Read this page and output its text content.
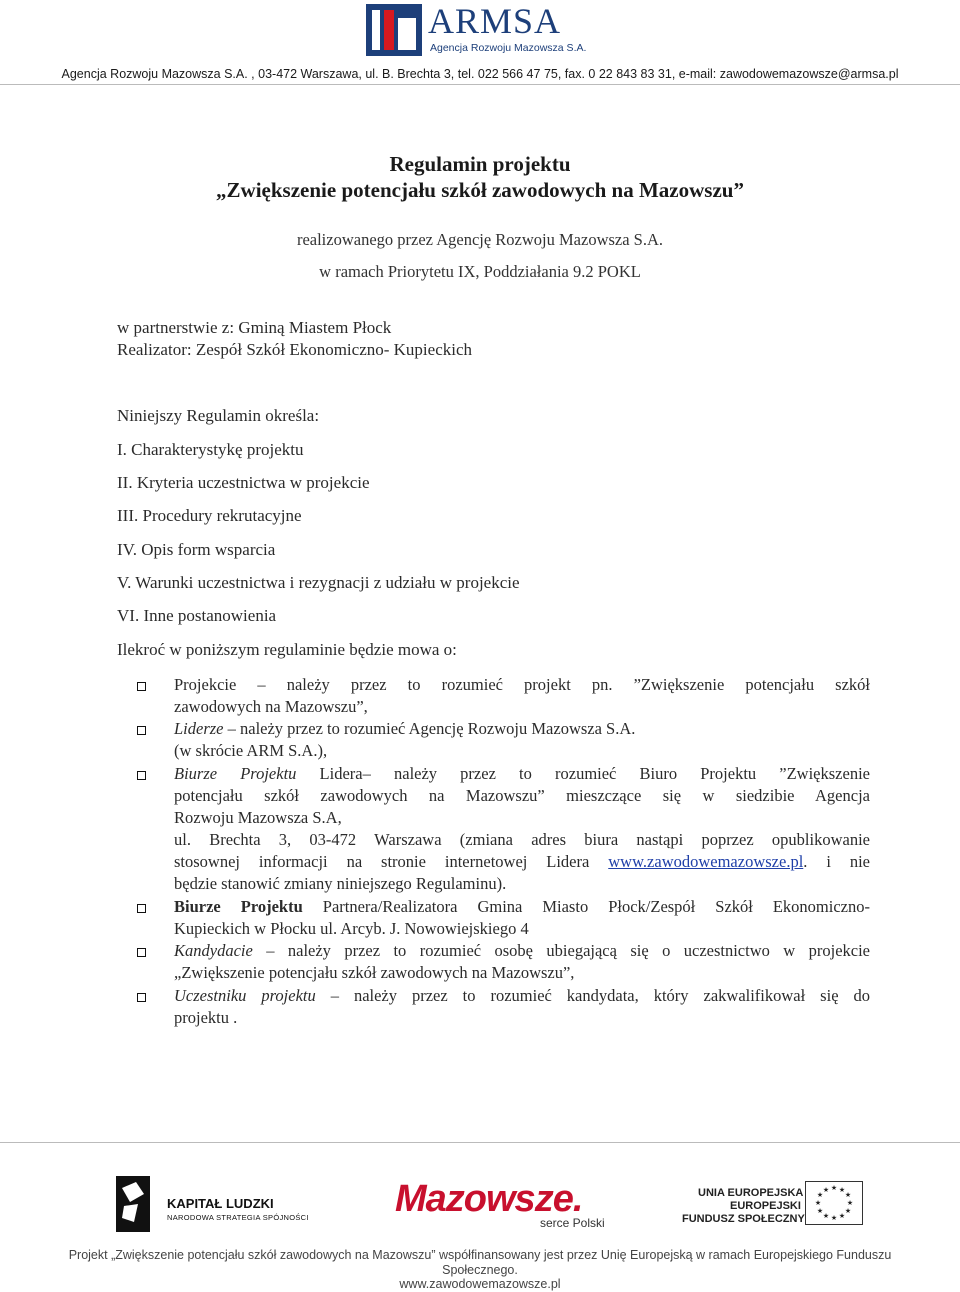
ARMSA
Agencja Rozwoju Mazowsza S.A.
Agencja Rozwoju Mazowsza S.A. , 03-472 Warszawa, ul. B. Brechta 3, tel. 022 566 47 75, fax. 0 22 843 83 31, e-mail: zawodowemazowsze@armsa.pl
Regulamin projektu
„Zwiększenie potencjału szkół zawodowych na Mazowszu”
realizowanego przez Agencję Rozwoju Mazowsza S.A.
w ramach Priorytetu IX, Poddziałania 9.2 POKL
w partnerstwie z: Gminą Miastem Płock
Realizator: Zespół Szkół Ekonomiczno- Kupieckich
Niniejszy Regulamin określa:
I. Charakterystykę projektu
II. Kryteria uczestnictwa w projekcie
III. Procedury rekrutacyjne
IV. Opis form wsparcia
V. Warunki uczestnictwa i rezygnacji z udziału w projekcie
VI. Inne postanowienia
Ilekroć w poniższym regulaminie będzie mowa o:
Projekcie – należy przez to rozumieć projekt pn. ”Zwiększenie potencjału szkół
zawodowych na Mazowszu”,
Liderze – należy przez to rozumieć Agencję Rozwoju Mazowsza S.A.
(w skrócie ARM S.A.),
Biurze Projektu Lidera– należy przez to rozumieć Biuro Projektu ”Zwiększenie
potencjału szkół zawodowych na Mazowszu” mieszczące się w siedzibie Agencja
Rozwoju Mazowsza S.A,
ul. Brechta 3, 03-472 Warszawa (zmiana adres biura nastąpi poprzez opublikowanie
stosownej informacji na stronie internetowej Lidera www.zawodowemazowsze.pl. i nie
będzie stanowić zmiany niniejszego Regulaminu).
Biurze Projektu Partnera/Realizatora Gmina Miasto Płock/Zespół Szkół Ekonomiczno-
Kupieckich w Płocku ul. Arcyb. J. Nowowiejskiego 4
Kandydacie – należy przez to rozumieć osobę ubiegającą się o uczestnictwo w projekcie
„Zwiększenie potencjału szkół zawodowych na Mazowszu”,
Uczestniku projektu – należy przez to rozumieć kandydata, który zakwalifikował się do
projektu .
KAPITAŁ LUDZKI
NARODOWA STRATEGIA SPÓJNOŚCI Mazowsze.
serce Polski
UNIA EUROPEJSKA
EUROPEJSKI
FUNDUSZ SPOŁECZNY
★ ★
★
★
★
★
★
★
★
★
★
★
Projekt „Zwiększenie potencjału szkół zawodowych na Mazowszu” współfinansowany jest przez Unię Europejską w ramach Europejskiego Funduszu Społecznego.
www.zawodowemazowsze.pl
